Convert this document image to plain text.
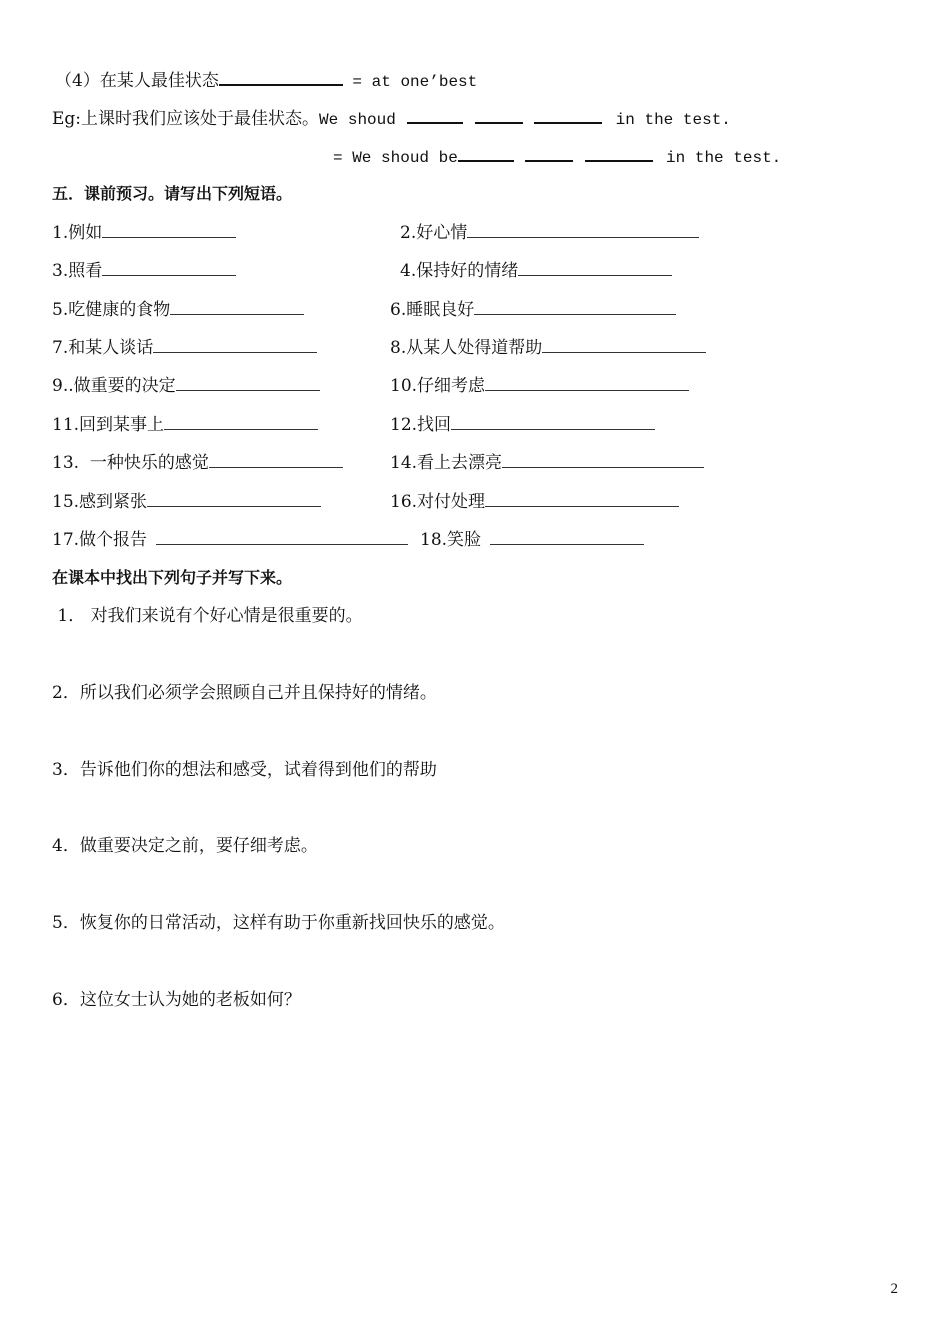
（4）在某人最佳状态	= at one’best
Eg:上课时我们应该处于最佳状态。We shoud	in the test.
= We shoud be	in the test.
五．课前预习。请写出下列短语。
1.例如	2.好心情
3.照看	4.保持好的情绪
5.吃健康的食物	6.睡眠良好
7.和某人谈话	8.从某人处得道帮助
9..做重要的决定	10.仔细考虑
11.回到某事上	12.找回
13.  一种快乐的感觉	14.看上去漂亮
15.感到紧张	16.对付处理
17.做个报告	18.笑脸
在课本中找出下列句子并写下来。
1． 对我们来说有个好心情是很重要的。
2．所以我们必须学会照顾自己并且保持好的情绪。
3．告诉他们你的想法和感受，试着得到他们的帮助
4．做重要决定之前，要仔细考虑。
5．恢复你的日常活动，这样有助于你重新找回快乐的感觉。
6．这位女士认为她的老板如何？
2
